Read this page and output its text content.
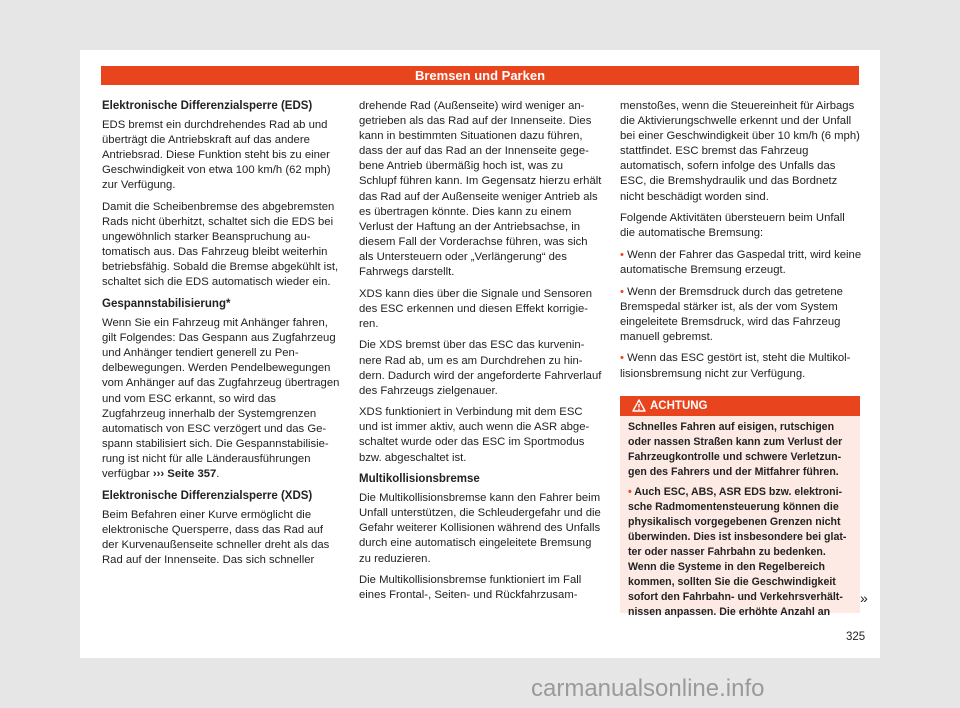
Bremsen und Parken
Elektronische Differenzialsperre (EDS)

EDS bremst ein durchdrehendes Rad ab und überträgt die Antriebskraft auf das andere Antriebsrad. Diese Funktion steht bis zu einer Geschwindigkeit von etwa 100 km/h (62 mph) zur Verfügung.

Damit die Scheibenbremse des abgebremsten Rads nicht überhitzt, schaltet sich die EDS bei ungewöhnlich starker Beanspruchung automatisch aus. Das Fahrzeug bleibt weiterhin betriebsfähig. Sobald die Bremse abgekühlt ist, schaltet sich die EDS automatisch wieder ein.

Gespannstabilisierung*

Wenn Sie ein Fahrzeug mit Anhänger fahren, gilt Folgendes: Das Gespann aus Zugfahrzeug und Anhänger tendiert generell zu Pendelbewegungen. Werden Pendelbewegungen vom Anhänger auf das Zugfahrzeug übertragen und vom ESC erkannt, so wird das Zugfahrzeug innerhalb der Systemgrenzen automatisch von ESC verzögert und das Gespann stabilisiert sich. Die Gespannstabilisierung ist nicht für alle Länderausführungen verfügbar ››› Seite 357.

Elektronische Differenzialsperre (XDS)

Beim Befahren einer Kurve ermöglicht die elektronische Quersperre, dass das Rad auf der Kurvenaußenseite schneller dreht als das Rad auf der Innenseite. Das sich schneller

drehende Rad (Außenseite) wird weniger angetrieben als das Rad auf der Innenseite. Dies kann in bestimmten Situationen dazu führen, dass der auf das Rad an der Innenseite gegebene Antrieb übermäßig hoch ist, was zu Schlupf führen kann. Im Gegensatz hierzu erhält das Rad auf der Außenseite weniger Antrieb als es übertragen könnte. Dies kann zu einem Verlust der Haftung an der Antriebsachse, in diesem Fall der Vorderachse führen, was sich als Untersteuern oder „Verlängerung“ des Fahrwegs darstellt.

XDS kann dies über die Signale und Sensoren des ESC erkennen und diesen Effekt korrigieren.

Die XDS bremst über das ESC das kurveninnere Rad ab, um es am Durchdrehen zu hindern. Dadurch wird der angeforderte Fahrverlauf des Fahrzeugs zielgenauer.

XDS funktioniert in Verbindung mit dem ESC und ist immer aktiv, auch wenn die ASR abgeschaltet wurde oder das ESC im Sportmodus bzw. abgeschaltet ist.

Multikollisionsbremse

Die Multikollisionsbremse kann den Fahrer beim Unfall unterstützen, die Schleudergefahr und die Gefahr weiterer Kollisionen während des Unfalls durch eine automatisch eingeleitete Bremsung zu reduzieren.

Die Multikollisionsbremse funktioniert im Fall eines Frontal-, Seiten- und Rückfahrzusam-

menstoßes, wenn die Steuereinheit für Airbags die Aktivierungschwelle erkennt und der Unfall bei einer Geschwindigkeit über 10 km/h (6 mph) stattfindet. ESC bremst das Fahrzeug automatisch, sofern infolge des Unfalls das ESC, die Bremshydraulik und das Bordnetz nicht beschädigt worden sind.

Folgende Aktivitäten übersteuern beim Unfall die automatische Bremsung:

• Wenn der Fahrer das Gaspedal tritt, wird keine automatische Bremsung erzeugt.

• Wenn der Bremsdruck durch das getretene Bremspedal stärker ist, als der vom System eingeleitete Bremsdruck, wird das Fahrzeug manuell gebremst.

• Wenn das ESC gestört ist, steht die Multikollisionsbremsung nicht zur Verfügung.

ACHTUNG

Schnelles Fahren auf eisigen, rutschigen oder nassen Straßen kann zum Verlust der Fahrzeugkontrolle und schwere Verletzungen des Fahrers und der Mitfahrer führen.

• Auch ESC, ABS, ASR EDS bzw. elektronische Radmomentensteuerung können die physikalisch vorgegebenen Grenzen nicht überwinden. Dies ist insbesondere bei glatter oder nasser Fahrbahn zu bedenken. Wenn die Systeme in den Regelbereich kommen, sollten Sie die Geschwindigkeit sofort den Fahrbahn- und Verkehrsverhältnissen anpassen. Die erhöhte Anzahl an

»
325
carmanualsonline.info
